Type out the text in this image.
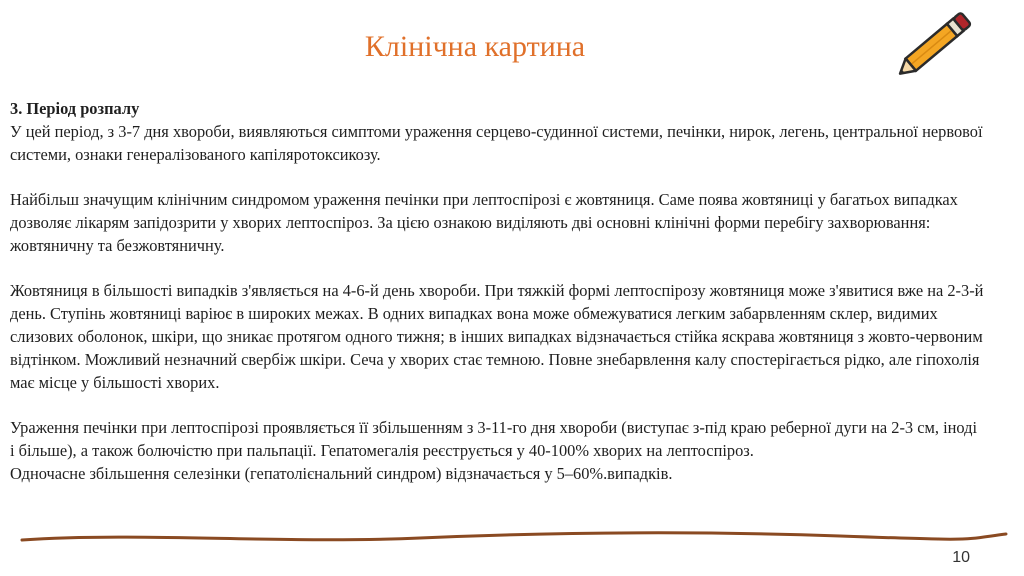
Клінічна картина

3. Період розпалу

У цей період, з 3-7 дня хвороби, виявляються симптоми ураження серцево-судинної системи, печінки, нирок, легень, центральної нервової системи, ознаки генералізованого капіляротоксикозу.

Найбільш значущим клінічним синдромом ураження печінки при лептоспірозі є жовтяниця. Саме поява жовтяниці у багатьох випадках дозволяє лікарям запідозрити у хворих лептоспіроз. За цією ознакою виділяють дві основні клінічні форми перебігу захворювання: жовтяничну та безжовтяничну.

Жовтяниця в більшості випадків з'являється на 4-6-й день хвороби. При тяжкій формі лептоспірозу жовтяниця може з'явитися вже на 2-3-й день. Ступінь жовтяниці варіює в широких межах. В одних випадках вона може обмежуватися легким забарвленням склер, видимих слизових оболонок, шкіри, що зникає протягом одного тижня; в інших випадках відзначається стійка яскрава жовтяниця з жовто-червоним відтінком. Можливий незначний свербіж шкіри. Сеча у хворих стає темною. Повне знебарвлення калу спостерігається рідко, але гіпохолія має місце у більшості хворих.

Ураження печінки при лептоспірозі проявляється її збільшенням з 3-11-го дня хвороби (виступає з-під краю реберної дуги на 2-3 см, іноді і більше), а також болючістю при пальпації. Гепатомегалія реєструється у 40-100% хворих на лептоспіроз.

Одночасне збільшення селезінки (гепатолієнальний синдром) відзначається у 5–60%.випадків.

10
